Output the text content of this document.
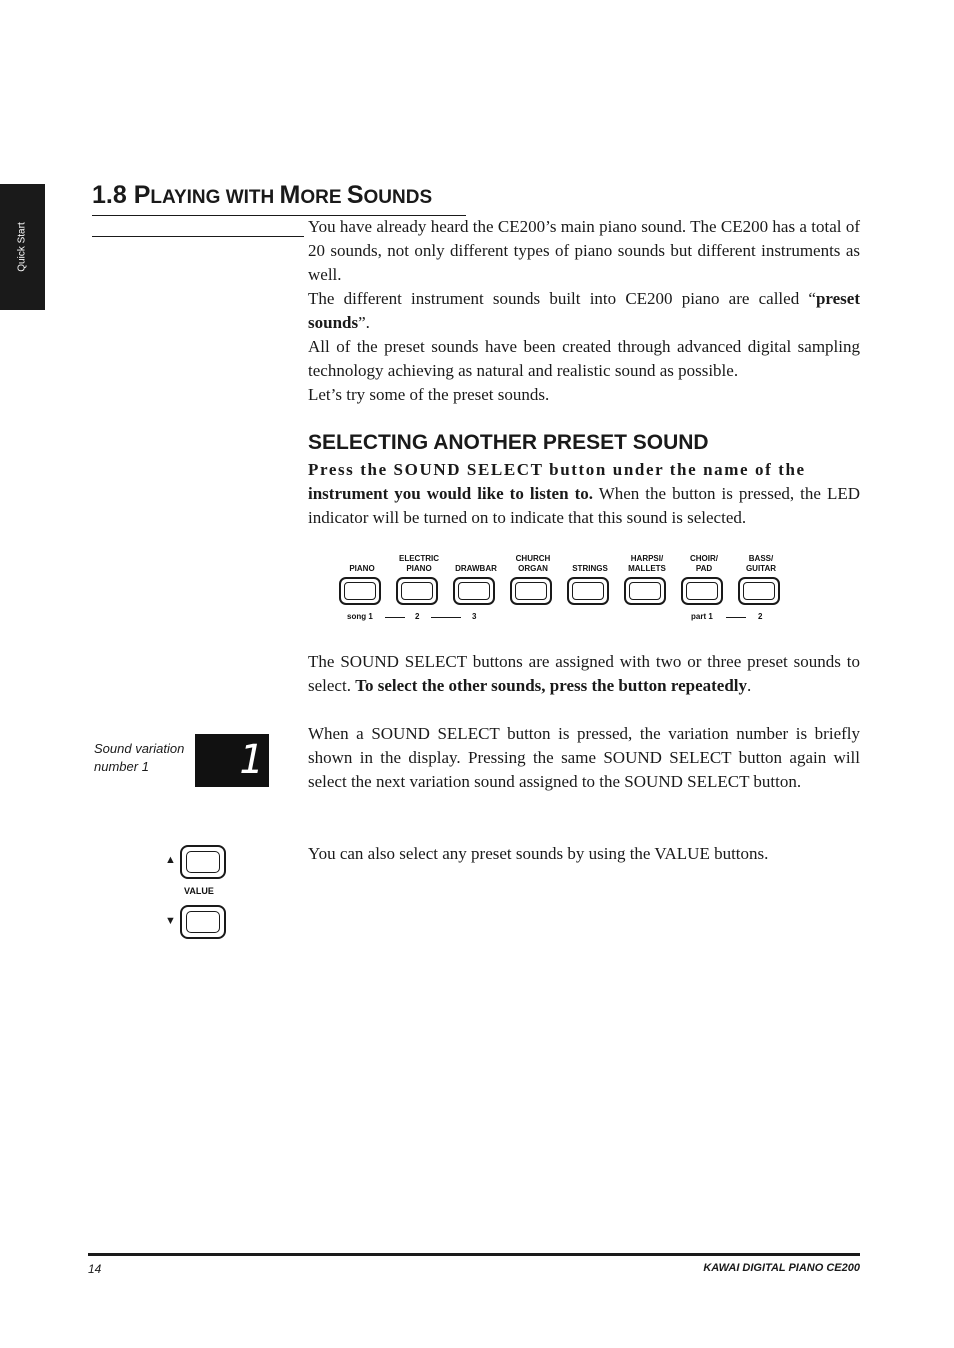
Quick Start
1.8 PLAYING WITH MORE SOUNDS

You have already heard the CE200’s main piano sound. The CE200 has a total of 20 sounds, not only different types of piano sounds but different instruments as well.

The different instrument sounds built into CE200 piano are called “preset sounds”.

All of the preset sounds have been created through advanced digital sampling technology achieving as natural and realistic sound as possible.

Let’s try some of the preset sounds.

SELECTING ANOTHER PRESET SOUND

Press the SOUND SELECT button under the name of the
instrument you would like to listen to. When the button is pressed, the LED indicator will be turned on to indicate that this sound is selected.

PIANO
ELECTRIC
PIANO
	DRAWBAR
CHURCH
ORGAN
	STRINGS
HARPSI/
MALLETS
CHOIR/
PAD
BASS/
GUITAR
song 1	2	3	part 1	2

The SOUND SELECT buttons are assigned with two or three preset sounds to select. To select the other sounds, press the button repeatedly.

When a SOUND SELECT button is pressed, the variation number is briefly shown in the display. Pressing the same SOUND SELECT button again will select the next variation sound assigned to the SOUND SELECT button.

You can also select any preset sounds by using the VALUE buttons.

Sound variation
number 1	1
▲
VALUE
▼
14	KAWAI DIGITAL PIANO CE200
